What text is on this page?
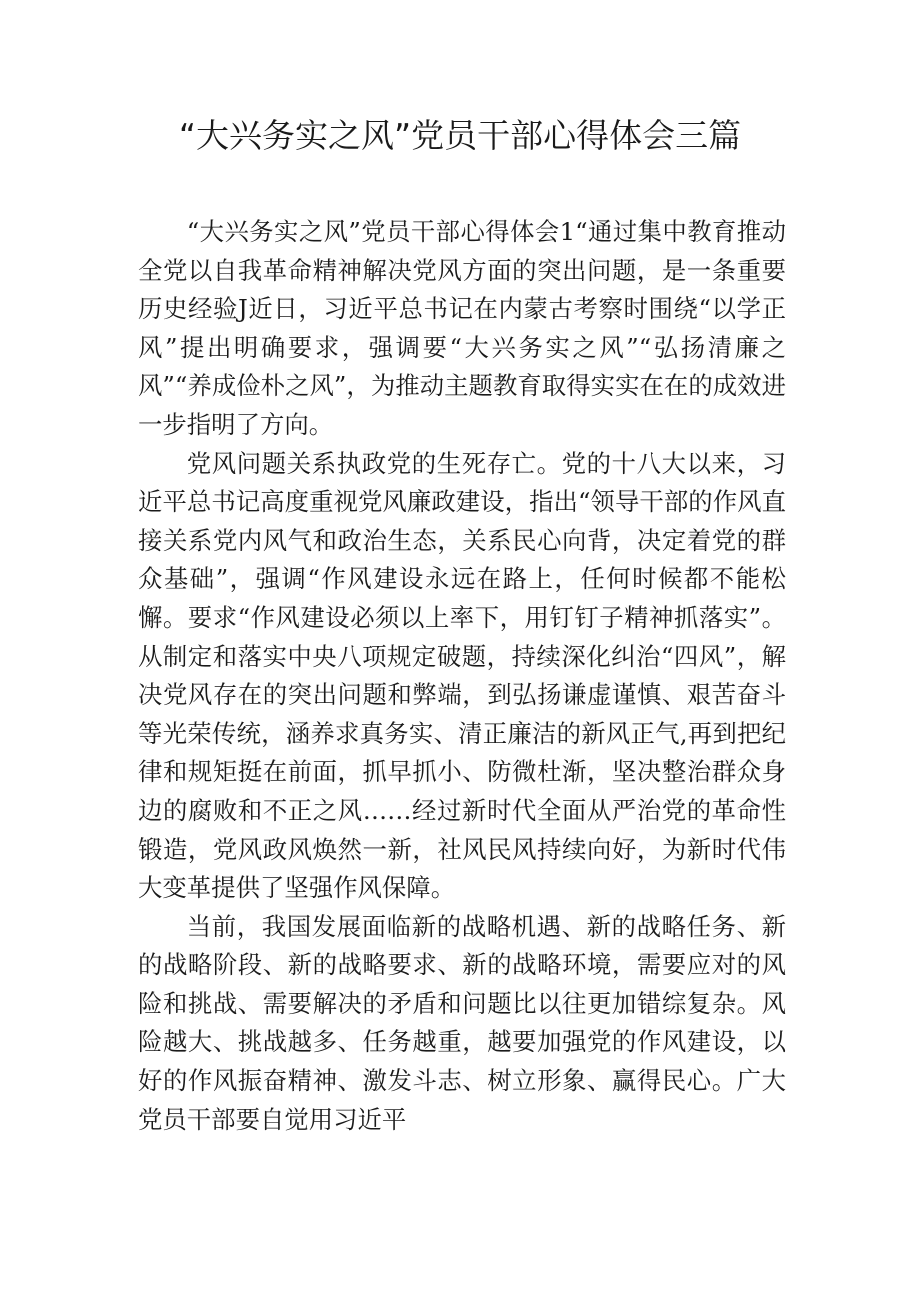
“大兴务实之风”党员干部心得体会三篇

“大兴务实之风”党员干部心得体会1“通过集中教育推动全党以自我革命精神解决党风方面的突出问题，是一条重要历史经验J近日，习近平总书记在内蒙古考察时围绕“以学正风”提出明确要求，强调要“大兴务实之风”“弘扬清廉之风”“养成俭朴之风”，为推动主题教育取得实实在在的成效进一步指明了方向。

党风问题关系执政党的生死存亡。党的十八大以来，习近平总书记高度重视党风廉政建设，指出“领导干部的作风直接关系党内风气和政治生态，关系民心向背，决定着党的群众基础”，强调“作风建设永远在路上，任何时候都不能松懈。要求“作风建设必须以上率下，用钉钉子精神抓落实”。从制定和落实中央八项规定破题，持续深化纠治“四风”，解决党风存在的突出问题和弊端，到弘扬谦虚谨慎、艰苦奋斗等光荣传统，涵养求真务实、清正廉洁的新风正气,再到把纪律和规矩挺在前面，抓早抓小、防微杜渐，坚决整治群众身边的腐败和不正之风……经过新时代全面从严治党的革命性锻造，党风政风焕然一新，社风民风持续向好，为新时代伟大变革提供了坚强作风保障。

当前，我国发展面临新的战略机遇、新的战略任务、新的战略阶段、新的战略要求、新的战略环境，需要应对的风险和挑战、需要解决的矛盾和问题比以往更加错综复杂。风险越大、挑战越多、任务越重，越要加强党的作风建设，以好的作风振奋精神、激发斗志、树立形象、赢得民心。广大党员干部要自觉用习近平
